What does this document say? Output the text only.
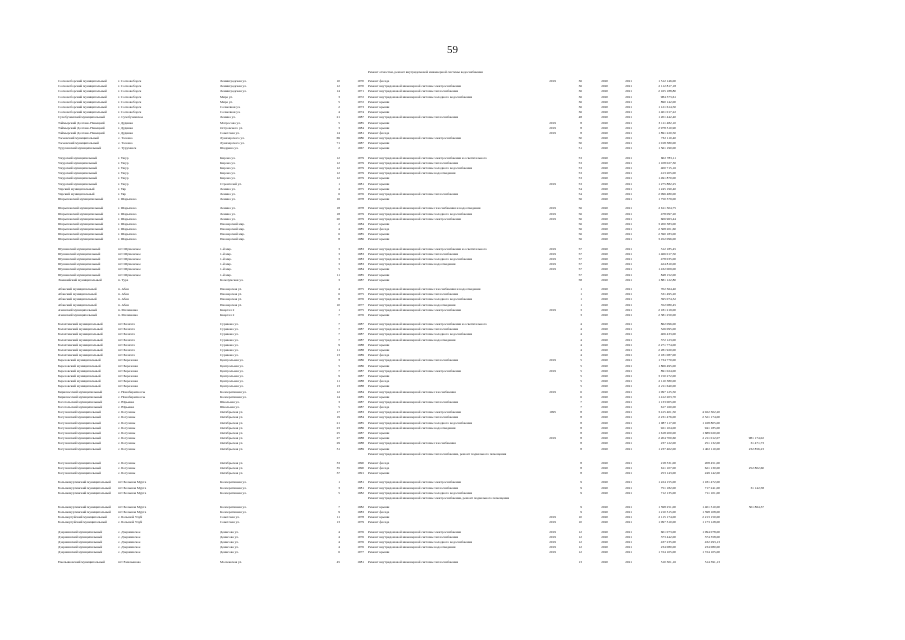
59
Ремонт отмостки, ремонт внутридомовой инженерной системы водоснабжения
Сосновоборский муниципальный	г. Сосновоборск	Ленинградская ул.	10	1970 Ремонт фасада	2019	36	2020	2021	1 512 146,00
Сосновоборский муниципальный	г. Сосновоборск	Ленинградская ул.	12	1970 Ремонт внутридомовой инженерной системы электроснабжения	36	2020	2021	2 112 817,18
Сосновоборский муниципальный	г. Сосновоборск	Ленинградская ул.	14	1971 Ремонт внутридомовой инженерной системы теплоснабжения	36	2020	2021	2 165 188,80
Сосновоборский муниципальный	г. Сосновоборск	Мира ул.	3	1972 Ремонт внутридомовой инженерной системы холодного водоснабжения	36	2020	2021	984 373,61
Сосновоборский муниципальный	г. Сосновоборск	Мира ул.	5	1972 Ремонт крыши	36	2020	2021	890 142,00
Сосновоборский муниципальный	г. Сосновоборск	Солнечная ул.	2	1973 Ремонт крыши	36	2020	2021	1 121 614,50
Сосновоборский муниципальный	г. Сосновоборск	Солнечная ул.	4	1974 Ремонт крыши	36	2020	2021	1 401 017,22
Сухобузимский муниципальный	с. Сухобузимское	Ленина ул.	21	1987 Ремонт внутридомовой инженерной системы теплоснабжения	48	2020	2021	1 201 442,40
Таймырский Долгано-Ненецкий	г. Дудинка	Матросова ул.	5	1985 Ремонт крыши	2019	8	2020	2021	3 111 482,10
Таймырский Долгано-Ненецкий	г. Дудинка	Островского ул.	3	1984 Ремонт крыши	2019	8	2020	2021	2 978 310,90
Таймырский Долгано-Ненецкий	г. Дудинка	Советская ул.	14	1981 Ремонт фасада	2019	8	2020	2021	1 891 220,50
Тасеевский муниципальный	с. Тасеево	Луначарского ул.	69	1986 Ремонт внутридомовой инженерной системы электроснабжения	50	2020	2021	732 110,40
Тасеевский муниципальный	с. Тасеево	Луначарского ул.	71	1987 Ремонт крыши	50	2020	2021	1 018 380,00
Туруханский муниципальный	с. Туруханск	Шадрина ул.	2	1967 Ремонт крыши	51	2020	2021	1 561 190,00
Ужурский муниципальный	г. Ужур	Кирова ул.	12	1979 Ремонт внутридомовой инженерной системы электроснабжения и осветительного	53	2020	2021	602 783,11
Ужурский муниципальный	г. Ужур	Кирова ул.	12	1979 Ремонт внутридомовой инженерной системы теплоснабжения	53	2020	2021	1 108 027,30
Ужурский муниципальный	г. Ужур	Кирова ул.	12	1979 Ремонт внутридомовой инженерной системы холодного водоснабжения	53	2020	2021	400 715,16
Ужурский муниципальный	г. Ужур	Кирова ул.	12	1979 Ремонт внутридомовой инженерной системы водоотведения	53	2020	2021	413 205,00
Ужурский муниципальный	г. Ужур	Кирова ул.	12	1979 Ремонт крыши	53	2020	2021	1 491 870,00
Ужурский муниципальный	г. Ужур	Строителей ул.	1	1981 Ремонт крыши	2019	53	2020	2021	1 275 882,25
Уярский муниципальный	г. Уяр	Ленина ул.	4	1975 Ремонт крыши	54	2020	2021	1 245 190,40
Уярский муниципальный	г. Уяр	Ленина ул.	6	1976 Ремонт внутридомовой инженерной системы теплоснабжения	54	2020	2021	2 096 480,00
Шарыповский муниципальный	г. Шарыпово	Ленина ул.	16	1978 Ремонт крыши	56	2020	2021	1 750 379,00
Шарыповский муниципальный	г. Шарыпово	Ленина ул.	18	1978 Ремонт внутридомовой инженерной системы газоснабжения и водоотведения	2019	56	2020	2021	2 611 304,75
Шарыповский муниципальный	г. Шарыпово	Ленина ул.	18	1979 Ремонт внутридомовой инженерной системы холодного водоснабжения	2019	56	2020	2021	478 097,20
Шарыповский муниципальный	г. Шарыпово	Ленина ул.	20	1979 Ремонт внутридомовой инженерной системы электроснабжения	2019	56	2020	2021	606 963,44
Шарыповский муниципальный	г. Шарыпово	Пионерский мкр.	2	1984 Ремонт крыши	56	2020	2021	3 200 383,00
Шарыповский муниципальный	г. Шарыпово	Пионерский мкр.	4	1985 Ремонт фасада	56	2020	2021	2 368 201,60
Шарыповский муниципальный	г. Шарыпово	Пионерский мкр.	6	1985 Ремонт крыши	56	2020	2021	2 390 183,00
Шарыповский муниципальный	г. Шарыпово	Пионерский мкр.	8	1986 Ремонт крыши	56	2020	2021	3 452 096,00
Шушенский муниципальный	пгт Шушенское	1-й мкр.	3	1983 Ремонт внутридомовой инженерной системы электроснабжения и осветительного	2019	57	2020	2021	312 185,45
Шушенский муниципальный	пгт Шушенское	1-й мкр.	3	1983 Ремонт внутридомовой инженерной системы теплоснабжения	2019	57	2020	2021	1 466 017,50
Шушенский муниципальный	пгт Шушенское	1-й мкр.	3	1983 Ремонт внутридомовой инженерной системы холодного водоснабжения	2019	57	2020	2021	478 035,00
Шушенский муниципальный	пгт Шушенское	1-й мкр.	3	1983 Ремонт внутридомовой инженерной системы водоотведения	2019	57	2020	2021	424 810,00
Шушенский муниципальный	пгт Шушенское	1-й мкр.	5	1984 Ремонт крыши	2019	57	2020	2021	1 432 009,00
Шушенский муниципальный	пгт Шушенское	1-й мкр.	11	1985 Ремонт крыши	57	2020	2021	848 152,00
Эвенкийский муниципальный	п. Тура	Кочечумская ул.	3	1987 Ремонт крыши	58	2020	2021	1 881 122,80
Абанский муниципальный	п. Абан	Пионерская ул.	4	1975 Ремонт внутридомовой инженерной системы газоснабжения и водоотведения	1	2020	2021	702 364,40
Абанский муниципальный	п. Абан	Пионерская ул.	6	1975 Ремонт внутридомовой инженерной системы теплоснабжения	1	2020	2021	331 495,20
Абанский муниципальный	п. Абан	Пионерская ул.	8	1976 Ремонт внутридомовой инженерной системы холодного водоснабжения	1	2020	2021	395 074,32
Абанский муниципальный	п. Абан	Пионерская ул.	10	1977 Ремонт внутридомовой инженерной системы водоотведения	1	2020	2021	352 080,45
Ачинский муниципальный	п. Малиновка	Квартал 2	1	1975 Ремонт внутридомовой инженерной системы электроснабжения	2019	3	2020	2021	2 181 219,00
Ачинский муниципальный	п. Малиновка	Квартал 2	7	1976 Ремонт крыши	3	2020	2021	2 381 250,00
Балахтинский муниципальный	пгт Балахта	Сурикова ул.	7	1987 Ремонт внутридомовой инженерной системы электроснабжения и осветительного	4	2020	2021	862 096,00
Балахтинский муниципальный	пгт Балахта	Сурикова ул.	7	1987 Ремонт внутридомовой инженерной системы теплоснабжения	4	2020	2021	526 095,00
Балахтинский муниципальный	пгт Балахта	Сурикова ул.	7	1987 Ремонт внутридомовой инженерной системы холодного водоснабжения	4	2020	2021	406 433,00
Балахтинский муниципальный	пгт Балахта	Сурикова ул.	7	1987 Ремонт внутридомовой инженерной системы водоотведения	4	2020	2021	372 123,00
Балахтинский муниципальный	пгт Балахта	Сурикова ул.	9	1988 Ремонт крыши	4	2020	2021	2 271 774,00
Балахтинский муниципальный	пгт Балахта	Сурикова ул.	11	1988 Ремонт крыши	4	2020	2021	2 281 920,00
Балахтинский муниципальный	пгт Балахта	Сурикова ул.	13	1989 Ремонт фасада	4	2020	2021	2 181 087,00
Березовский муниципальный	пгт Березовка	Центральная ул.	3	1986 Ремонт внутридомовой инженерной системы теплоснабжения	2019	5	2020	2021	1 734 770,00
Березовский муниципальный	пгт Березовка	Центральная ул.	5	1986 Ремонт крыши	5	2020	2021	1 866 495,00
Березовский муниципальный	пгт Березовка	Центральная ул.	7	1987 Ремонт внутридомовой инженерной системы электроснабжения	2019	5	2020	2021	891 024,00
Березовский муниципальный	пгт Березовка	Центральная ул.	9	1987 Ремонт крыши	5	2020	2021	3 150 272,00
Березовский муниципальный	пгт Березовка	Центральная ул.	11	1988 Ремонт фасада	5	2020	2021	2 110 380,00
Березовский муниципальный	пгт Березовка	Центральная ул.	13	1988 Ремонт крыши	5	2020	2021	2 211 640,00
Бирилюсский муниципальный	с. Новобирилюссы	Кооперативная ул.	12	1984 Ремонт внутридомовой инженерной системы газоснабжения	2019	6	2020	2021	1 097 125,50
Бирилюсский муниципальный	с. Новобирилюссы	Кооперативная ул.	14	1985 Ремонт крыши	6	2020	2021	1 412 203,70
Боготольский муниципальный	с. Юрьевка	Школьная ул.	3	1987 Ремонт внутридомовой инженерной системы теплоснабжения	7	2020	2021	1 133 005,00
Боготольский муниципальный	с. Юрьевка	Школьная ул.	5	1987 Ремонт фасада	7	2020	2021	617 160,00
Богучанский муниципальный	с. Богучаны	Октябрьская ул.	17	1983 Ремонт внутридомовой инженерной системы электроснабжения	1995	8	2020	2021	3 415 401,50	4 022 302,20
Богучанский муниципальный	с. Богучаны	Октябрьская ул.	19	1984 Ремонт внутридомовой инженерной системы теплоснабжения	8	2020	2021	2 231 476,00	2 321 174,00
Богучанский муниципальный	с. Богучаны	Октябрьская ул.	21	1985 Ремонт внутридомовой инженерной системы холодного водоснабжения	8	2020	2021	1 087 117,00	1 168 805,00
Богучанский муниципальный	с. Богучаны	Октябрьская ул.	23	1986 Ремонт внутридомовой инженерной системы водоотведения	8	2020	2021	921 104,00	941 185,00
Богучанский муниципальный	с. Богучаны	Октябрьская ул.	25	1987 Ремонт крыши	8	2020	2021	1 618 200,00	1 689 020,00
Богучанский муниципальный	с. Богучаны	Октябрьская ул.	27	1988 Ремонт крыши	2019	8	2020	2021	2 204 700,60	2 211 012,07	981 174,02
Богучанский муниципальный	с. Богучаны	Октябрьская ул.	29	1988 Ремонт внутридомовой инженерной системы газоснабжения	8	2020	2021	237 122,00	251 132,00	31 471,73
Богучанский муниципальный	с. Богучаны	Октябрьская ул.	31	1989 Ремонт крыши	8	2020	2021	1 237 402,00	1 402 110,00	232 856,23
Ремонт внутридомовой инженерной системы теплоснабжения, ремонт подвального помещения
Богучанский муниципальный	с. Богучаны	Октябрьская ул.	33	1990 Ремонт фасада	8	2020	2021	218 331,00	208 451,00
Богучанский муниципальный	с. Богучаны	Октябрьская ул.	35	1990 Ремонт фасада	8	2020	2021	611 107,00	621 130,00	252 802,60
Богучанский муниципальный	с. Богучаны	Октябрьская ул.	37	1991 Ремонт крыши	8	2020	2021	253 143,00	249 142,00
Большемуртинский муниципальный	пгт Большая Мурта	Кооперативная ул.	1	1981 Ремонт внутридомовой инженерной системы электроснабжения	9	2020	2021	1 224 155,00	1 181 472,00
Большемуртинский муниципальный	пгт Большая Мурта	Кооперативная ул.	3	1981 Ремонт внутридомовой инженерной системы теплоснабжения	9	2020	2021	751 182,00	717 241,00	31 142,58
Большемуртинский муниципальный	пгт Большая Мурта	Кооперативная ул.	5	1982 Ремонт внутридомовой инженерной системы холодного водоснабжения	9	2020	2021	712 135,00	711 101,00
Ремонт внутридомовой инженерной системы электроснабжения, ремонт подвального помещения
Большемуртинский муниципальный	пгт Большая Мурта	Кооперативная ул.	7	1982 Ремонт крыши	9	2020	2021	1 598 251,00	1 401 310,00	501 864,37
Большемуртинский муниципальный	пгт Большая Мурта	Кооперативная ул.	9	1983 Ремонт фасада	9	2020	2021	1 210 315,00	1 398 108,00
Большеулуйский муниципальный	с. Большой Улуй	Советская ул.	11	1978 Ремонт крыши	2019	10	2020	2021	2 115 174,00	2 213 150,00
Большеулуйский муниципальный	с. Большой Улуй	Советская ул.	13	1979 Ремонт фасада	2019	10	2020	2021	1 097 310,00	1 173 128,00
Дзержинский муниципальный	с. Дзержинское	Денисова ул.	4	1976 Ремонт внутридомовой инженерной системы электроснабжения	2019	12	2020	2021	601 073,00	1 094 078,00
Дзержинский муниципальный	с. Дзержинское	Денисова ул.	4	1976 Ремонт внутридомовой инженерной системы теплоснабжения	2019	12	2020	2021	373 442,00	374 358,00
Дзержинский муниципальный	с. Дзержинское	Денисова ул.	4	1976 Ремонт внутридомовой инженерной системы холодного водоснабжения	2019	12	2020	2021	437 235,00	432 293,13
Дзержинский муниципальный	с. Дзержинское	Денисова ул.	4	1976 Ремонт внутридомовой инженерной системы водоотведения	2019	12	2020	2021	234 080,00	234 080,00
Дзержинский муниципальный	с. Дзержинское	Денисова ул.	6	1977 Ремонт крыши	2019	12	2020	2021	1 724 105,00	1 724 105,00
Емельяновский муниципальный	пгт Емельяново	Московская ул.	45	1981 Ремонт внутридомовой инженерной системы теплоснабжения	13	2020	2021	510 301,16	514 391,13
